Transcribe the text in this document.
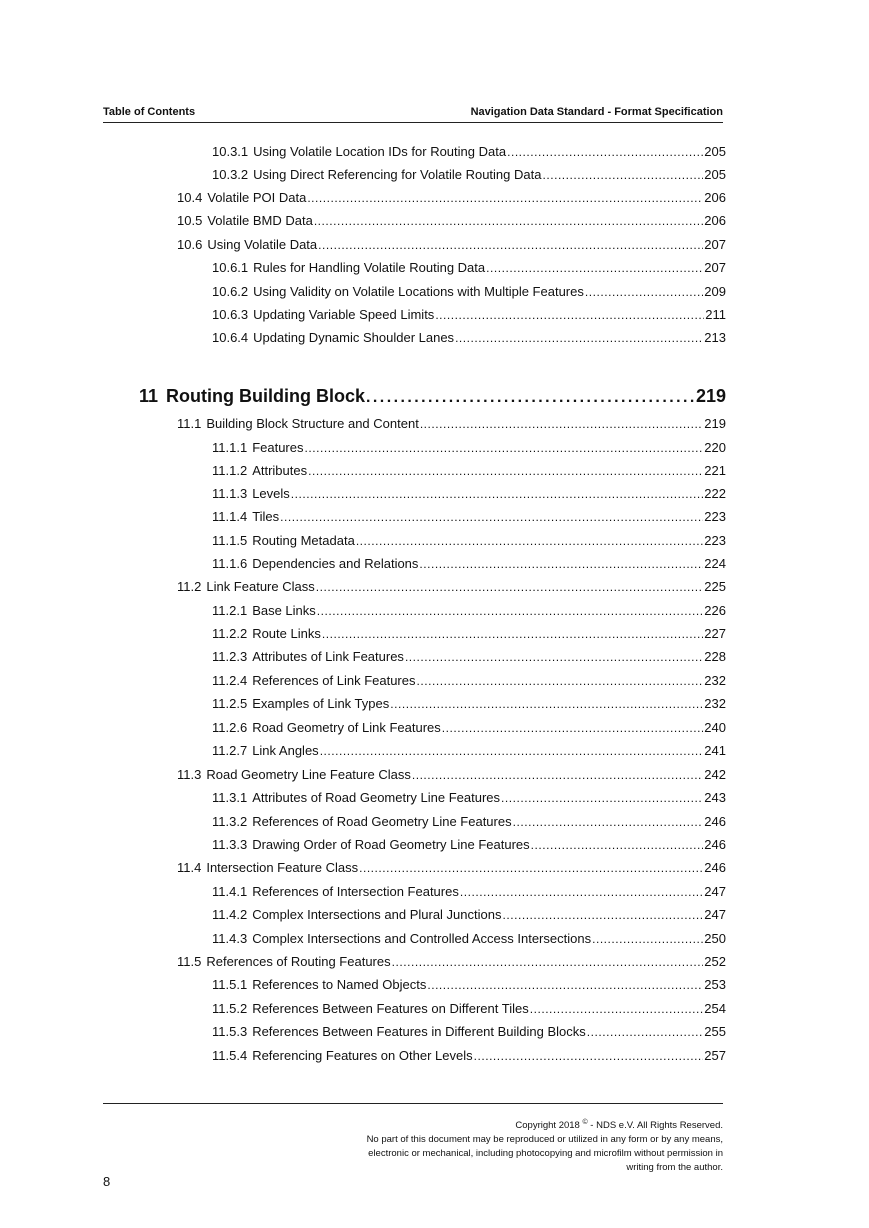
Table of Contents	Navigation Data Standard - Format Specification
10.3.1 Using Volatile Location IDs for Routing Data . . .	205
10.3.2 Using Direct Referencing for Volatile Routing Data . . .	205
10.4 Volatile POI Data . . .	206
10.5 Volatile BMD Data . . .	206
10.6 Using Volatile Data . . .	207
10.6.1 Rules for Handling Volatile Routing Data . . .	207
10.6.2 Using Validity on Volatile Locations with Multiple Features . . .	209
10.6.3 Updating Variable Speed Limits . . .	211
10.6.4 Updating Dynamic Shoulder Lanes . . .	213
11 Routing Building Block . . .	219
11.1 Building Block Structure and Content . . .	219
11.1.1 Features . . .	220
11.1.2 Attributes . . .	221
11.1.3 Levels . . .	222
11.1.4 Tiles . . .	223
11.1.5 Routing Metadata . . .	223
11.1.6 Dependencies and Relations . . .	224
11.2 Link Feature Class . . .	225
11.2.1 Base Links . . .	226
11.2.2 Route Links . . .	227
11.2.3 Attributes of Link Features . . .	228
11.2.4 References of Link Features . . .	232
11.2.5 Examples of Link Types . . .	232
11.2.6 Road Geometry of Link Features . . .	240
11.2.7 Link Angles . . .	241
11.3 Road Geometry Line Feature Class . . .	242
11.3.1 Attributes of Road Geometry Line Features . . .	243
11.3.2 References of Road Geometry Line Features . . .	246
11.3.3 Drawing Order of Road Geometry Line Features . . .	246
11.4 Intersection Feature Class . . .	246
11.4.1 References of Intersection Features . . .	247
11.4.2 Complex Intersections and Plural Junctions . . .	247
11.4.3 Complex Intersections and Controlled Access Intersections . . .	250
11.5 References of Routing Features . . .	252
11.5.1 References to Named Objects . . .	253
11.5.2 References Between Features on Different Tiles . . .	254
11.5.3 References Between Features in Different Building Blocks . . .	255
11.5.4 Referencing Features on Other Levels . . .	257
Copyright 2018 © - NDS e.V. All Rights Reserved.
No part of this document may be reproduced or utilized in any form or by any means,
electronic or mechanical, including photocopying and microfilm without permission in
writing from the author.
8
